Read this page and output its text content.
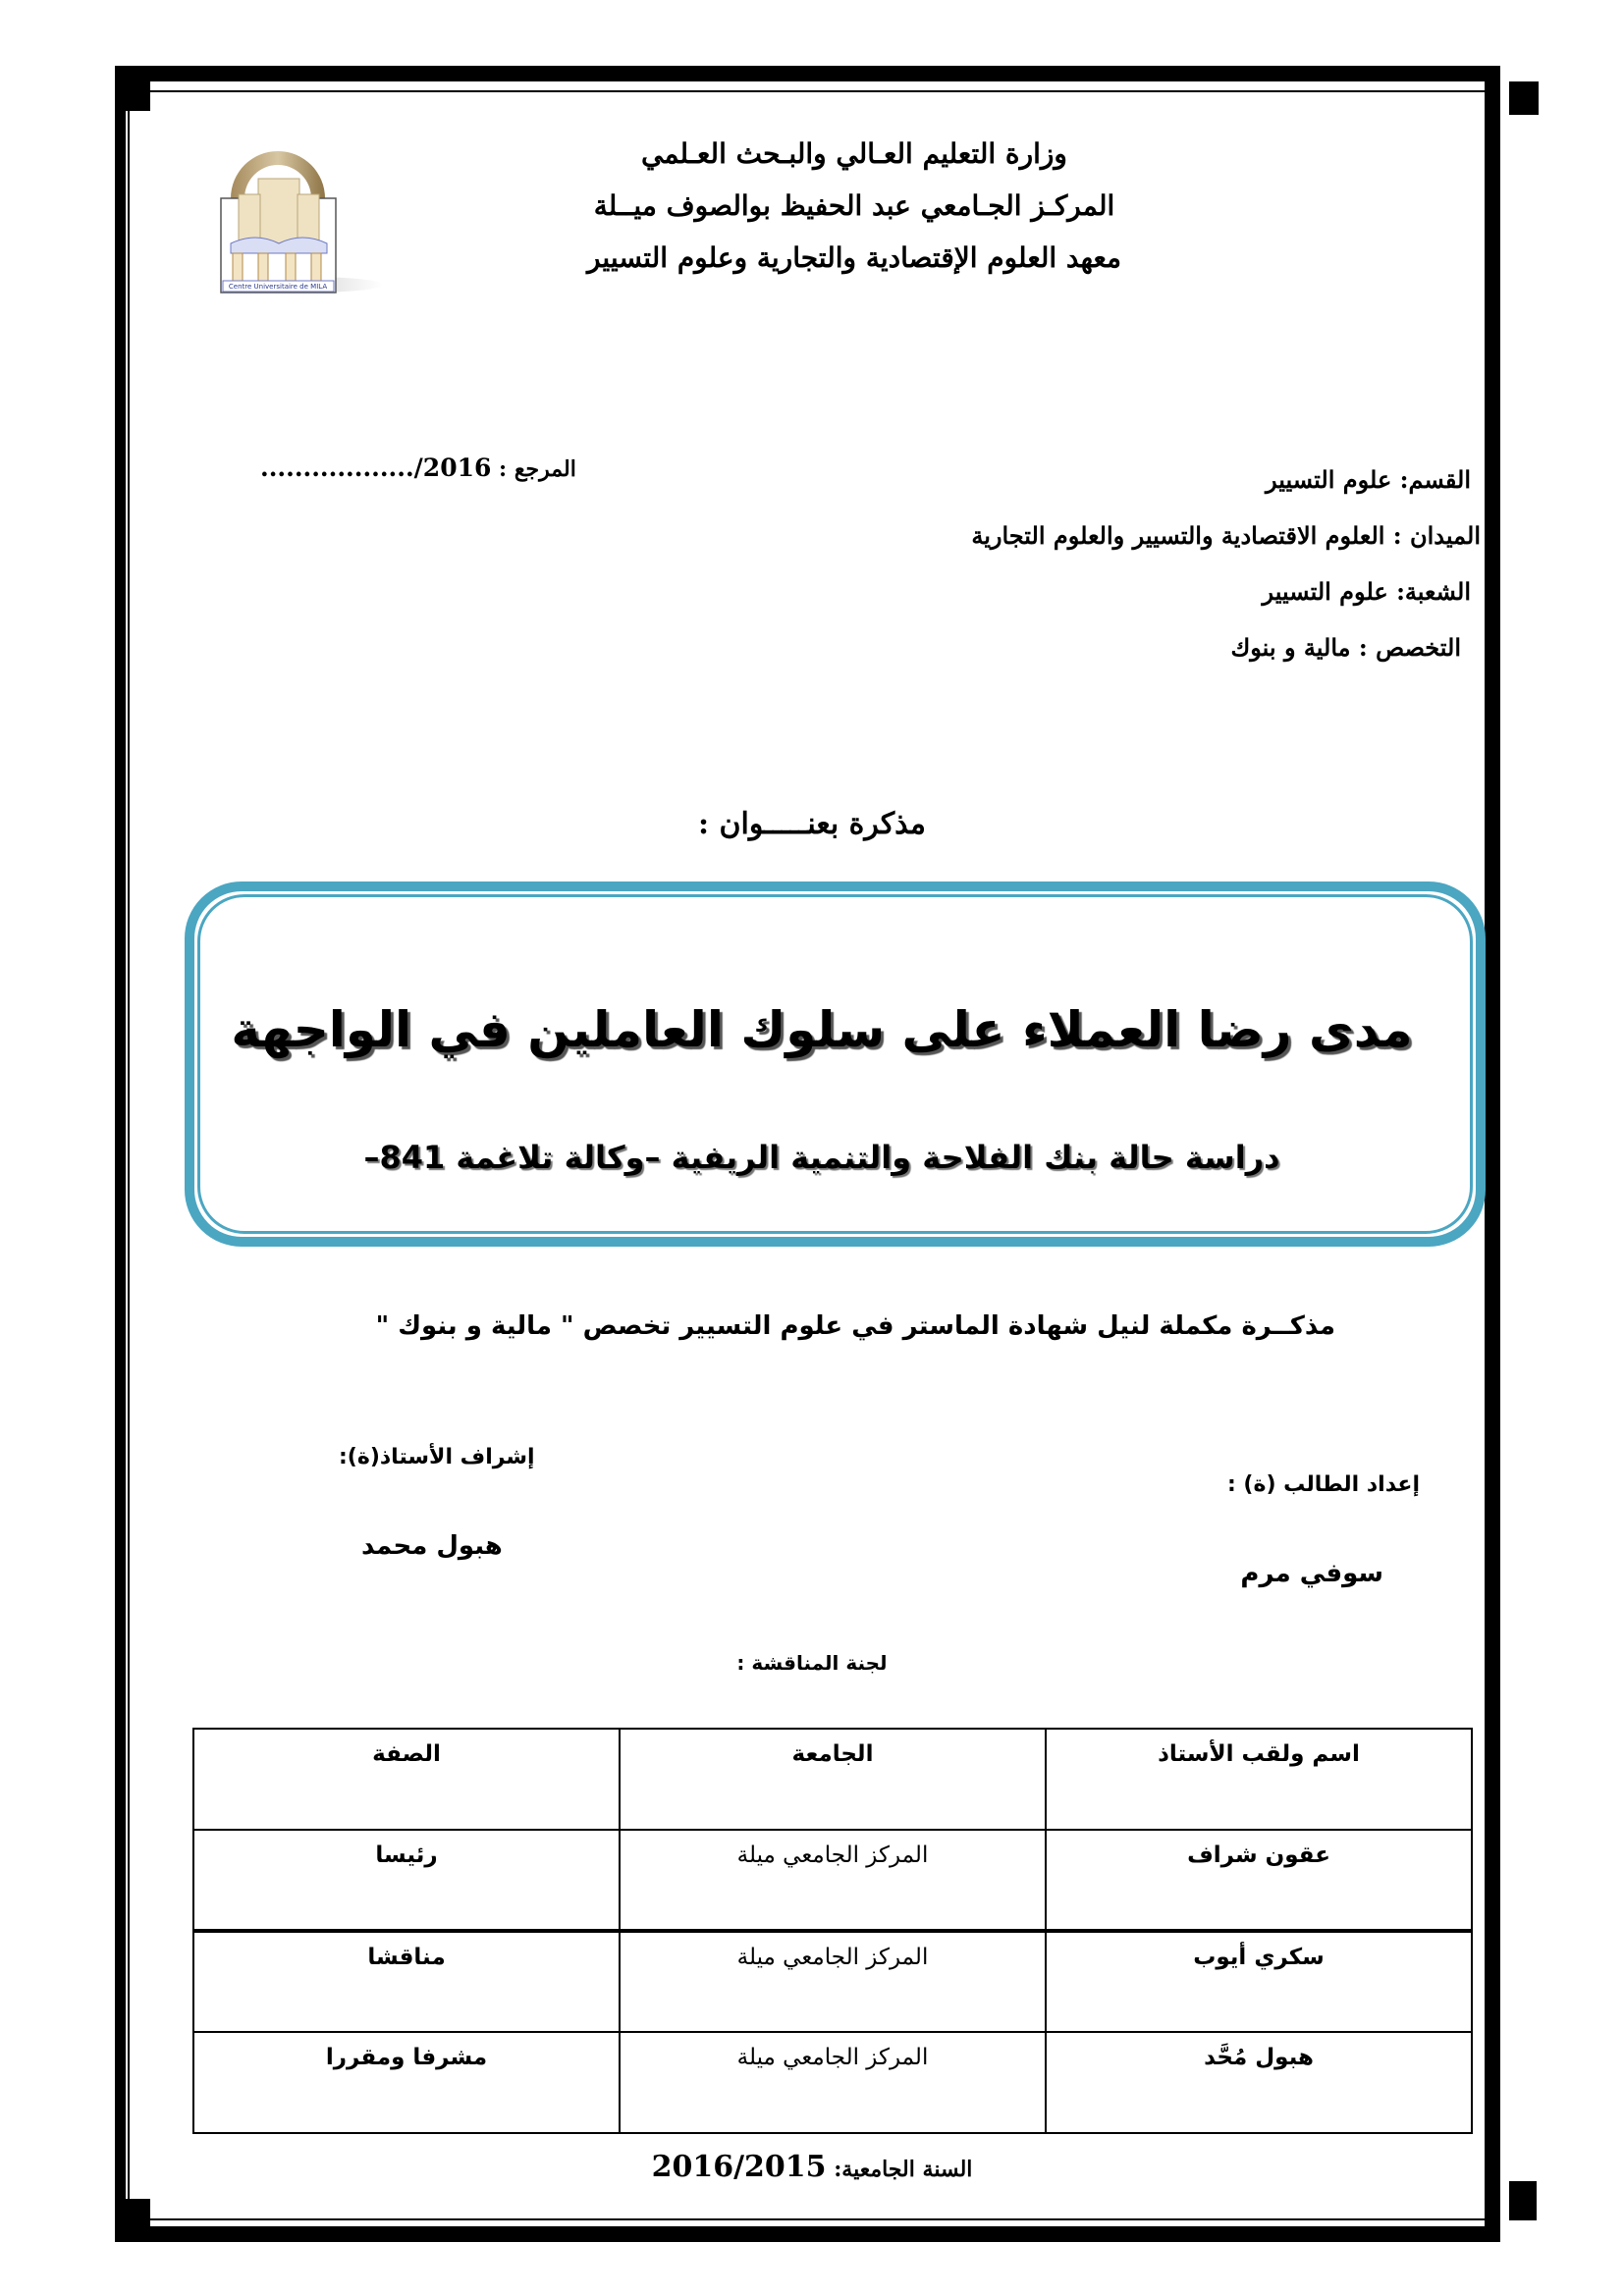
Centre Universitaire de MILA
وزارة التعليم العـالي والبـحث العـلمي
المركـز الجـامعي عبد الحفيظ بوالصوف ميــلة
معهد العلوم الإقتصادية والتجارية وعلوم التسيير
المرجع : ................../2016	القسم: علوم التسيير
الميدان : العلوم الاقتصادية والتسيير والعلوم التجارية
الشعبة: علوم التسيير
التخصص : مالية و بنوك
مذكرة بعنـــــوان :
مدى رضا العملاء على سلوك العاملين في الواجهة
دراسة حالة بنك الفلاحة والتنمية الريفية –وكالة تلاغمة 841–
مذكــرة مكملة لنيل شهادة الماستر في علوم التسيير تخصص " مالية و بنوك "
إعداد الطالب (ة) :
سوفي مرم
إشراف الأستاذ(ة):
هبول محمد
لجنة المناقشة :
اسم ولقب الأستاذ	الجامعة	الصفة
عقون شراف	المركز الجامعي ميلة	رئيسا
سكري أيوب	المركز الجامعي ميلة	مناقشا
هبول مُحَّد	المركز الجامعي ميلة	مشرفا ومقررا
السنة الجامعية: 2016/2015
